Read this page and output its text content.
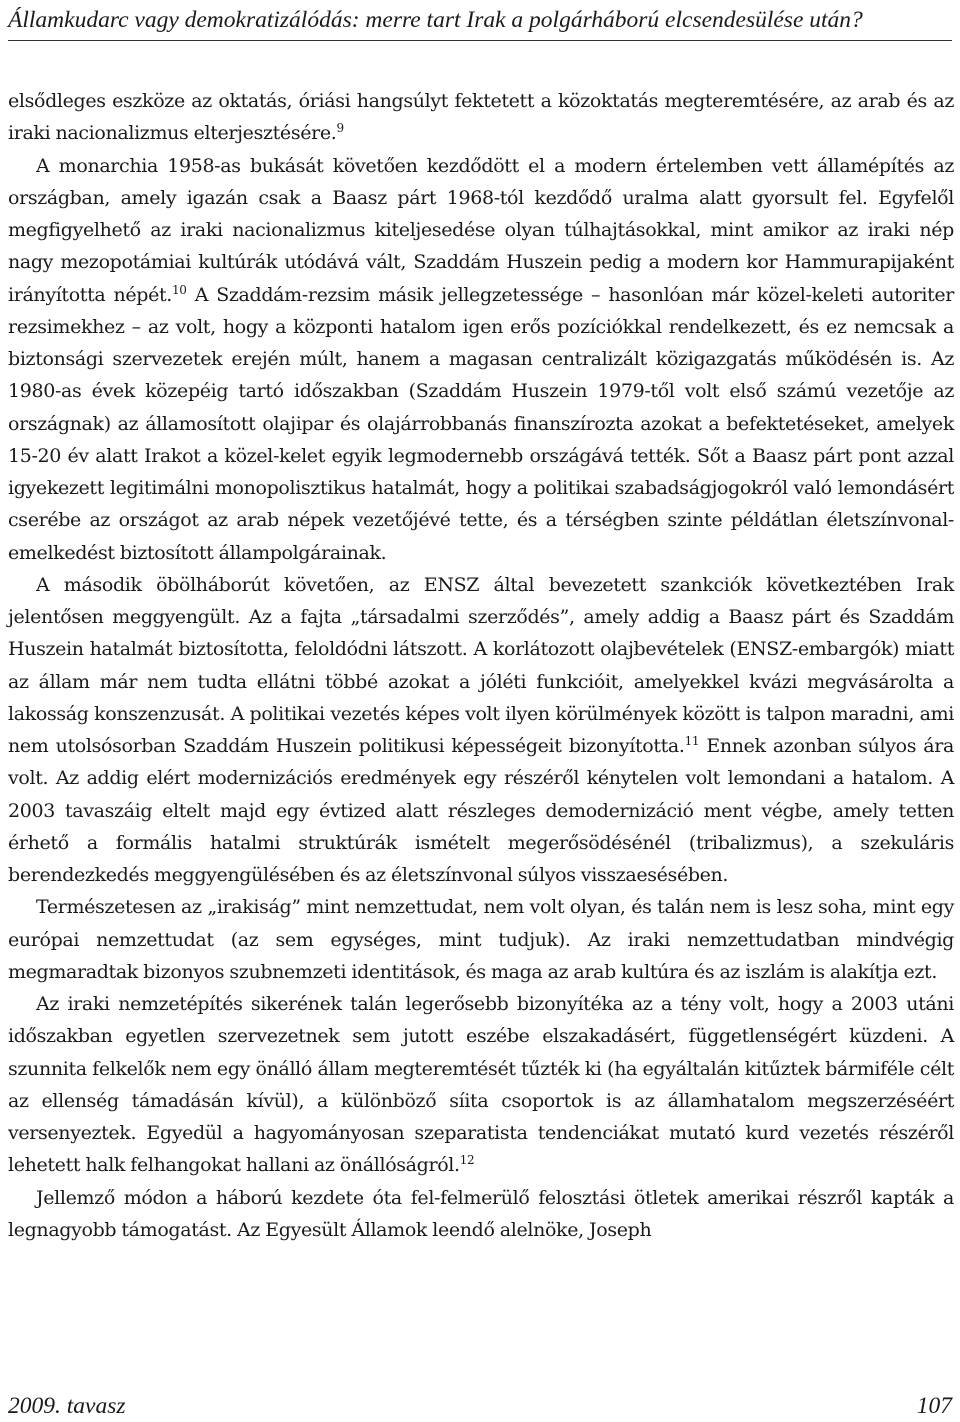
Államkudarc vagy demokratizálódás: merre tart Irak a polgárháború elcsendesülése után?

elsődleges eszköze az oktatás, óriási hangsúlyt fektetett a közoktatás megteremtésére, az arab és az iraki nacionalizmus elterjesztésére.$^9$

A monarchia 1958-as bukását követően kezdődött el a modern értelemben vett államépítés az országban, amely igazán csak a Baasz párt 1968-tól kezdődő uralma alatt gyorsult fel. Egyfelől megfigyelhető az iraki nacionalizmus kiteljesedése olyan túlhajtásokkal, mint amikor az iraki nép nagy mezopotámiai kultúrák utódává vált, Szaddám Huszein pedig a modern kor Hammurapijaként irányította népét.$^{10}$ A Szaddám-rezsim másik jellegzetessége – hasonlóan már közel-keleti autoriter rezsimekhez – az volt, hogy a központi hatalom igen erős pozíciókkal rendelkezett, és ez nemcsak a biztonsági szervezetek erején múlt, hanem a magasan centralizált közigazgatás működésén is. Az 1980-as évek közepéig tartó időszakban (Szaddám Huszein 1979-től volt első számú vezetője az országnak) az államosított olajipar és olajárrobbanás finanszírozta azokat a befektetéseket, amelyek 15-20 év alatt Irakot a közel-kelet egyik legmodernebb országává tették. Sőt a Baasz párt pont azzal igyekezett legitimálni monopolisztikus hatalmát, hogy a politikai szabadságjogokról való lemondásért cserébe az országot az arab népek vezetőjévé tette, és a térségben szinte példátlan életszínvonal-emelkedést biztosított állampolgárainak.

A második öbölháborút követően, az ENSZ által bevezetett szankciók következtében Irak jelentősen meggyengült. Az a fajta „társadalmi szerződés”, amely addig a Baasz párt és Szaddám Huszein hatalmát biztosította, feloldódni látszott. A korlátozott olajbevételek (ENSZ-embargók) miatt az állam már nem tudta ellátni többé azokat a jóléti funkcióit, amelyekkel kvázi megvásárolta a lakosság konszenzusát. A politikai vezetés képes volt ilyen körülmények között is talpon maradni, ami nem utolsósorban Szaddám Huszein politikusi képességeit bizonyította.$^{11}$ Ennek azonban súlyos ára volt. Az addig elért modernizációs eredmények egy részéről kénytelen volt lemondani a hatalom. A 2003 tavaszáig eltelt majd egy évtized alatt részleges demodernizáció ment végbe, amely tetten érhető a formális hatalmi struktúrák ismételt megerősödésénél (tribalizmus), a szekuláris berendezkedés meggyengülésében és az életszínvonal súlyos visszaesésében.

Természetesen az „irakiság” mint nemzettudat, nem volt olyan, és talán nem is lesz soha, mint egy európai nemzettudat (az sem egységes, mint tudjuk). Az iraki nemzettudatban mindvégig megmaradtak bizonyos szubnemzeti identitások, és maga az arab kultúra és az iszlám is alakítja ezt.

Az iraki nemzetépítés sikerének talán legerősebb bizonyítéka az a tény volt, hogy a 2003 utáni időszakban egyetlen szervezetnek sem jutott eszébe elszakadásért, függetlenségért küzdeni. A szunnita felkelők nem egy önálló állam megteremtését tűzték ki (ha egyáltalán kitűztek bármiféle célt az ellenség támadásán kívül), a különböző síita csoportok is az államhatalom megszerzéséért versenyeztek. Egyedül a hagyományosan szeparatista tendenciákat mutató kurd vezetés részéről lehetett halk felhangokat hallani az önállóságról.$^{12}$

Jellemző módon a háború kezdete óta fel-felmerülő felosztási ötletek amerikai részről kapták a legnagyobb támogatást. Az Egyesült Államok leendő alelnöke, Joseph

2009. tavasz	107
